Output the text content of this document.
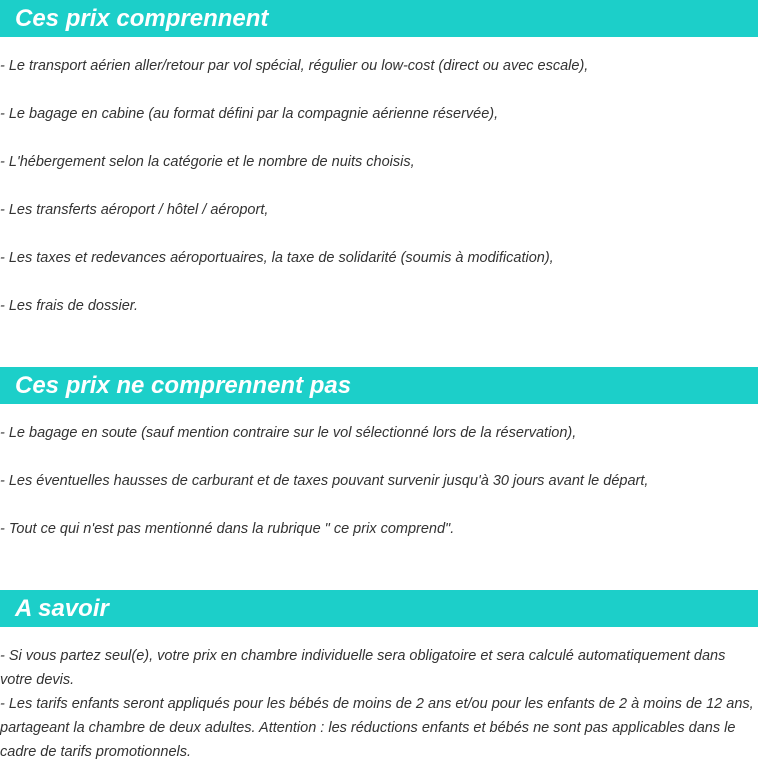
Ces prix comprennent
- Le transport aérien aller/retour par vol spécial, régulier ou low-cost (direct ou avec escale),
- Le bagage en cabine (au format défini par la compagnie aérienne réservée),
- L'hébergement selon la catégorie et le nombre de nuits choisis,
- Les transferts aéroport / hôtel / aéroport,
- Les taxes et redevances aéroportuaires, la taxe de solidarité (soumis à modification),
- Les frais de dossier.
Ces prix ne comprennent pas
- Le bagage en soute (sauf mention contraire sur le vol sélectionné lors de la réservation),
- Les éventuelles hausses de carburant et de taxes pouvant survenir jusqu'à 30 jours avant le départ,
- Tout ce qui n'est pas mentionné dans la rubrique " ce prix comprend".
A savoir
- Si vous partez seul(e), votre prix en chambre individuelle sera obligatoire et sera calculé automatiquement dans votre devis.
- Les tarifs enfants seront appliqués pour les bébés de moins de 2 ans et/ou pour les enfants de 2 à moins de 12 ans, partageant la chambre de deux adultes. Attention : les réductions enfants et bébés ne sont pas applicables dans le cadre de tarifs promotionnels.
